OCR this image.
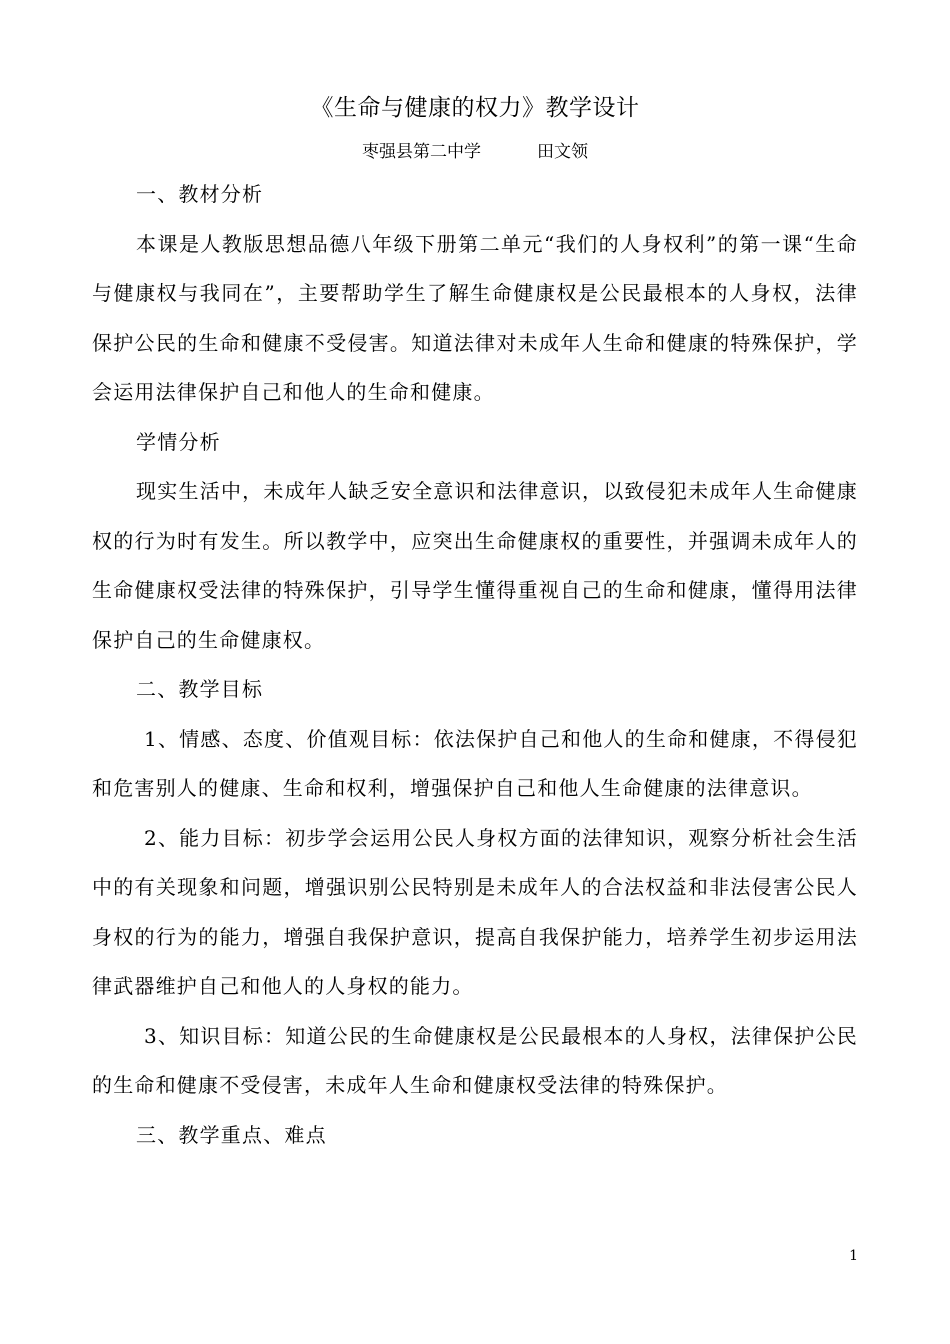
《生命与健康的权力》教学设计
枣强县第二中学	田文领

一、教材分析

本课是人教版思想品德八年级下册第二单元“我们的人身权利”的第一课“生命与健康权与我同在”，主要帮助学生了解生命健康权是公民最根本的人身权，法律保护公民的生命和健康不受侵害。知道法律对未成年人生命和健康的特殊保护，学会运用法律保护自己和他人的生命和健康。

学情分析

现实生活中，未成年人缺乏安全意识和法律意识，以致侵犯未成年人生命健康权的行为时有发生。所以教学中，应突出生命健康权的重要性，并强调未成年人的生命健康权受法律的特殊保护，引导学生懂得重视自己的生命和健康，懂得用法律保护自己的生命健康权。

二、教学目标

1、情感、态度、价值观目标：依法保护自己和他人的生命和健康，不得侵犯和危害别人的健康、生命和权利，增强保护自己和他人生命健康的法律意识。

2、能力目标：初步学会运用公民人身权方面的法律知识，观察分析社会生活中的有关现象和问题，增强识别公民特别是未成年人的合法权益和非法侵害公民人身权的行为的能力，增强自我保护意识，提高自我保护能力，培养学生初步运用法律武器维护自己和他人的人身权的能力。

3、知识目标：知道公民的生命健康权是公民最根本的人身权，法律保护公民的生命和健康不受侵害，未成年人生命和健康权受法律的特殊保护。

三、教学重点、难点

1
